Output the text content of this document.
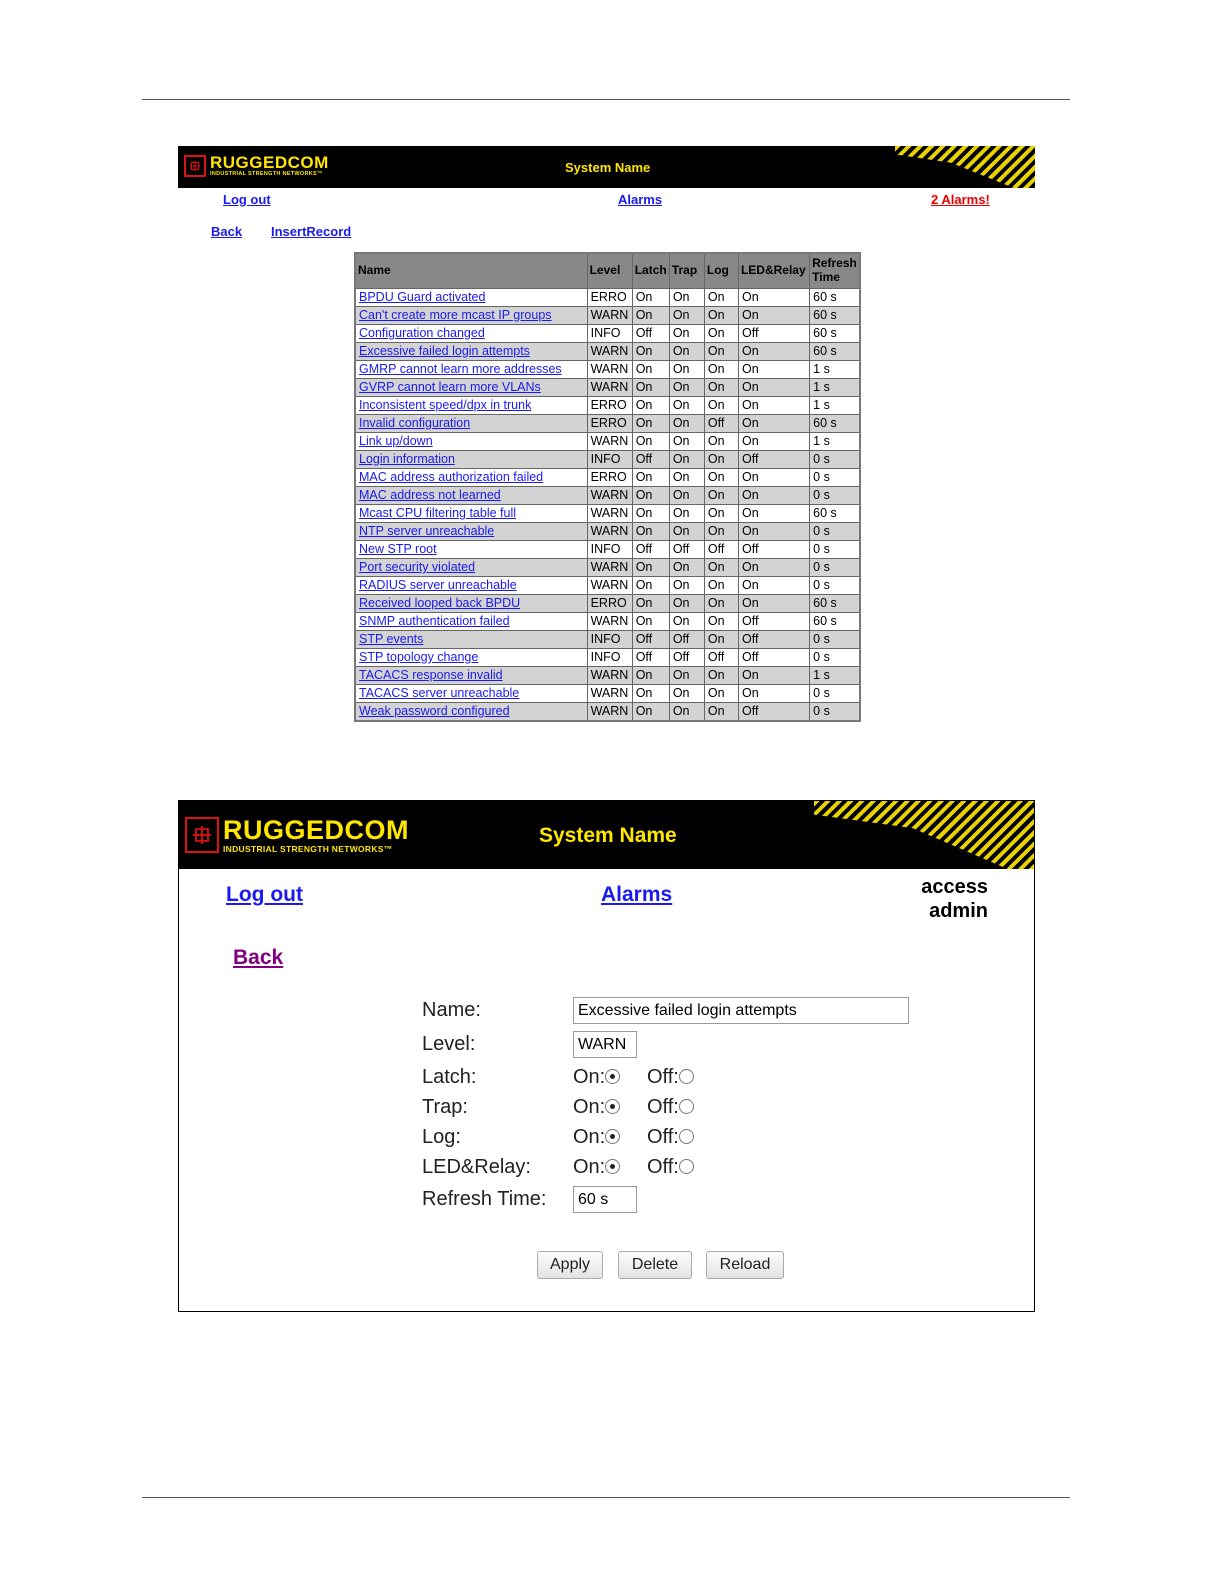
RUGGEDCOM
INDUSTRIAL STRENGTH NETWORKS™	System Name
Log out	Alarms	2 Alarms!
Back InsertRecord
Name	Level	Latch	Trap	Log	LED&Relay	Refresh Time
BPDU Guard activated	ERRO	On	On	On	On	60 s
Can't create more mcast IP groups	WARN	On	On	On	On	60 s
Configuration changed	INFO	Off	On	On	Off	60 s
Excessive failed login attempts	WARN	On	On	On	On	60 s
GMRP cannot learn more addresses	WARN	On	On	On	On	1 s
GVRP cannot learn more VLANs	WARN	On	On	On	On	1 s
Inconsistent speed/dpx in trunk	ERRO	On	On	On	On	1 s
Invalid configuration	ERRO	On	On	Off	On	60 s
Link up/down	WARN	On	On	On	On	1 s
Login information	INFO	Off	On	On	Off	0 s
MAC address authorization failed	ERRO	On	On	On	On	0 s
MAC address not learned	WARN	On	On	On	On	0 s
Mcast CPU filtering table full	WARN	On	On	On	On	60 s
NTP server unreachable	WARN	On	On	On	On	0 s
New STP root	INFO	Off	Off	Off	Off	0 s
Port security violated	WARN	On	On	On	On	0 s
RADIUS server unreachable	WARN	On	On	On	On	0 s
Received looped back BPDU	ERRO	On	On	On	On	60 s
SNMP authentication failed	WARN	On	On	On	Off	60 s
STP events	INFO	Off	Off	On	Off	0 s
STP topology change	INFO	Off	Off	Off	Off	0 s
TACACS response invalid	WARN	On	On	On	On	1 s
TACACS server unreachable	WARN	On	On	On	On	0 s
Weak password configured	WARN	On	On	On	Off	0 s
RUGGEDCOM
INDUSTRIAL STRENGTH NETWORKS™
System Name
Log out	Alarms	access
admin
Back
Name:
Excessive failed login attempts
Level:
WARN
Latch:	On:	Off:
Trap:	On:	Off:
Log:	On:	Off:
LED&Relay: On:	Off:
Refresh Time:
60 s
Apply	Delete	Reload
